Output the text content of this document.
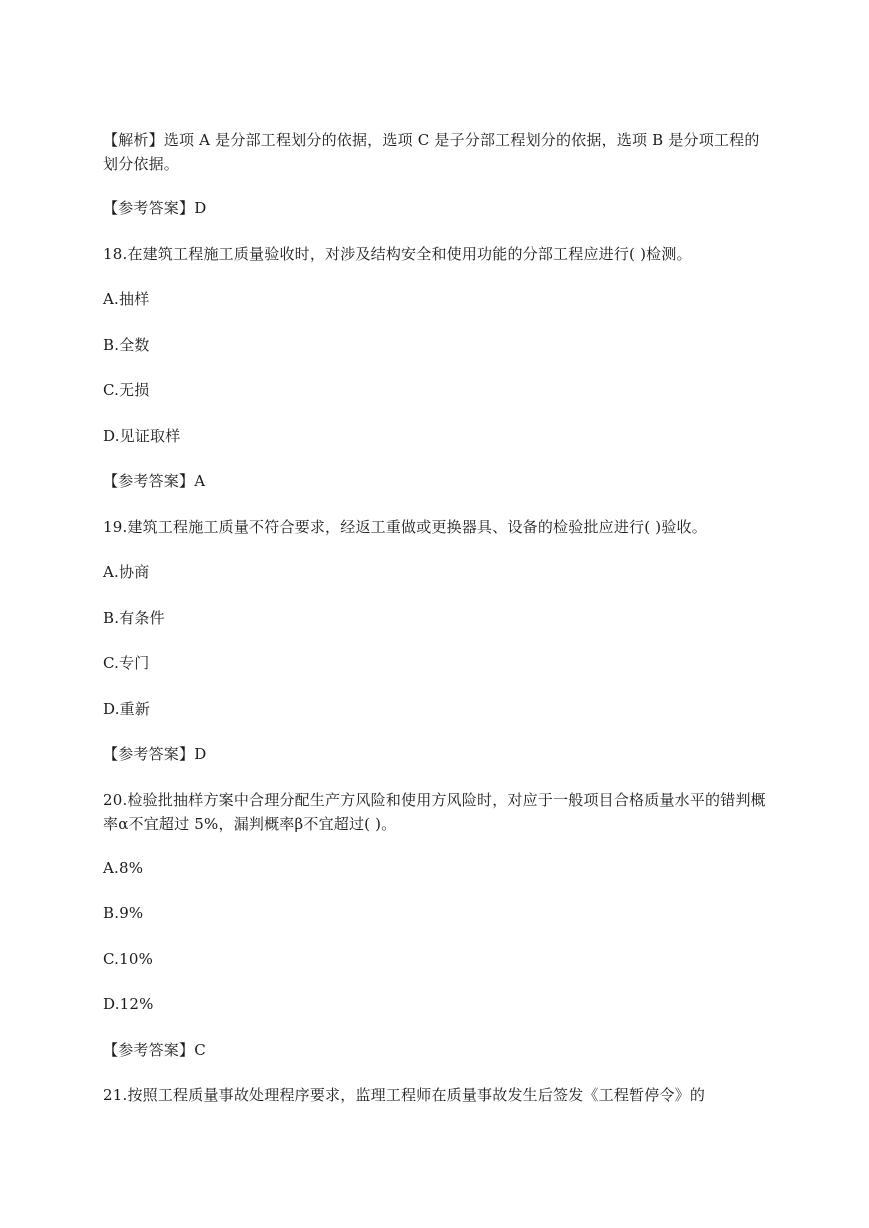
【解析】选项 A 是分部工程划分的依据，选项 C 是子分部工程划分的依据，选项 B 是分项工程的划分依据。

【参考答案】D

18.在建筑工程施工质量验收时，对涉及结构安全和使用功能的分部工程应进行( )检测。

A.抽样

B.全数

C.无损

D.见证取样

【参考答案】A

19.建筑工程施工质量不符合要求，经返工重做或更换器具、设备的检验批应进行( )验收。

A.协商

B.有条件

C.专门

D.重新

【参考答案】D

20.检验批抽样方案中合理分配生产方风险和使用方风险时，对应于一般项目合格质量水平的错判概率α不宜超过 5%，漏判概率β不宜超过( )。

A.8%

B.9%

C.10%

D.12%

【参考答案】C

21.按照工程质量事故处理程序要求，监理工程师在质量事故发生后签发《工程暂停令》的
